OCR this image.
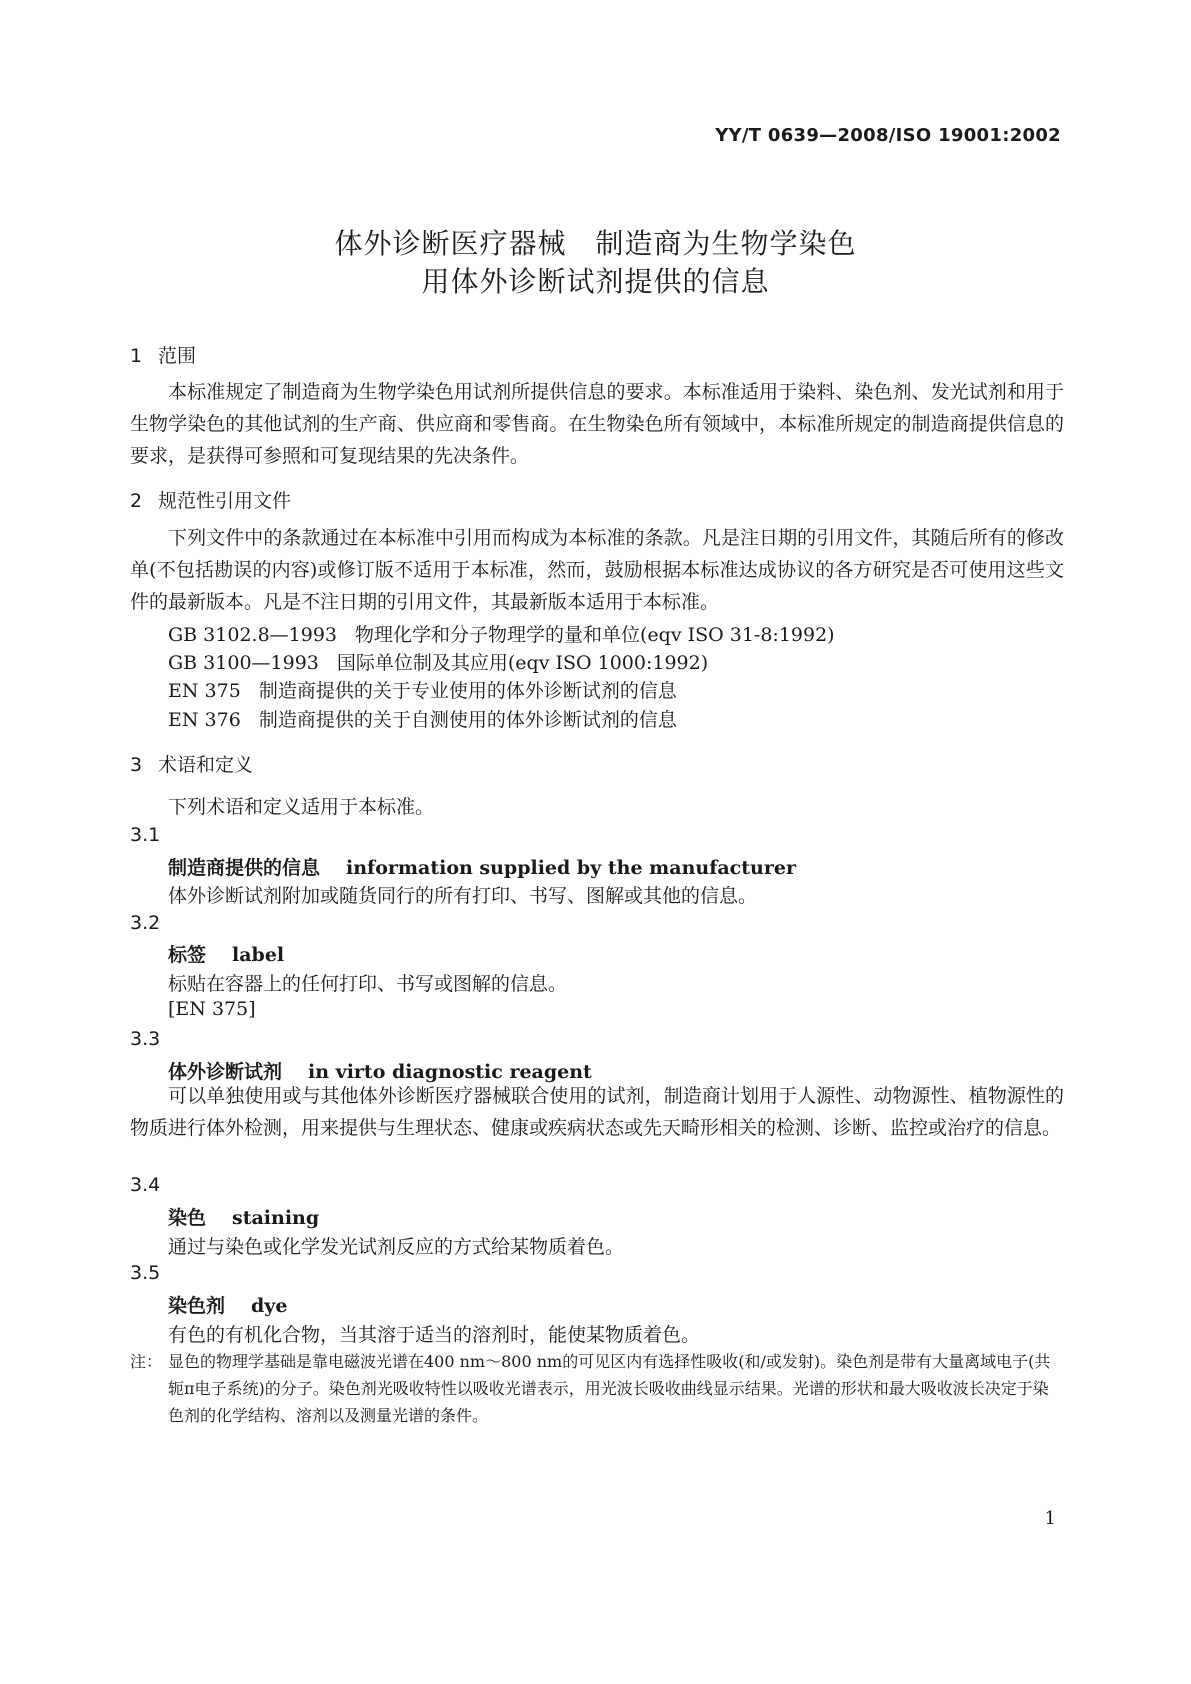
YY/T 0639—2008/ISO 19001:2002
体外诊断医疗器械　制造商为生物学染色
用体外诊断试剂提供的信息
1 范围
本标准规定了制造商为生物学染色用试剂所提供信息的要求。本标准适用于染料、染色剂、发光试剂和用于生物学染色的其他试剂的生产商、供应商和零售商。在生物染色所有领域中，本标准所规定的制造商提供信息的要求，是获得可参照和可复现结果的先决条件。
2 规范性引用文件
下列文件中的条款通过在本标准中引用而构成为本标准的条款。凡是注日期的引用文件，其随后所有的修改单(不包括勘误的内容)或修订版不适用于本标准，然而，鼓励根据本标准达成协议的各方研究是否可使用这些文件的最新版本。凡是不注日期的引用文件，其最新版本适用于本标准。
GB 3102.8—1993 物理化学和分子物理学的量和单位(eqv ISO 31-8:1992)
GB 3100—1993 国际单位制及其应用(eqv ISO 1000:1992)
EN 375 制造商提供的关于专业使用的体外诊断试剂的信息
EN 376 制造商提供的关于自测使用的体外诊断试剂的信息
3 术语和定义
下列术语和定义适用于本标准。
3.1
制造商提供的信息 information supplied by the manufacturer
体外诊断试剂附加或随货同行的所有打印、书写、图解或其他的信息。
3.2
标签 label
标贴在容器上的任何打印、书写或图解的信息。
[EN 375]
3.3
体外诊断试剂 in virto diagnostic reagent
可以单独使用或与其他体外诊断医疗器械联合使用的试剂，制造商计划用于人源性、动物源性、植物源性的物质进行体外检测，用来提供与生理状态、健康或疾病状态或先天畸形相关的检测、诊断、监控或治疗的信息。
3.4
染色 staining
通过与染色或化学发光试剂反应的方式给某物质着色。
3.5
染色剂 dye
有色的有机化合物，当其溶于适当的溶剂时，能使某物质着色。
注： 显色的物理学基础是靠电磁波光谱在400 nm～800 nm的可见区内有选择性吸收(和/或发射)。染色剂是带有大量离域电子(共轭π电子系统)的分子。染色剂光吸收特性以吸收光谱表示，用光波长吸收曲线显示结果。光谱的形状和最大吸收波长决定于染色剂的化学结构、溶剂以及测量光谱的条件。
1
